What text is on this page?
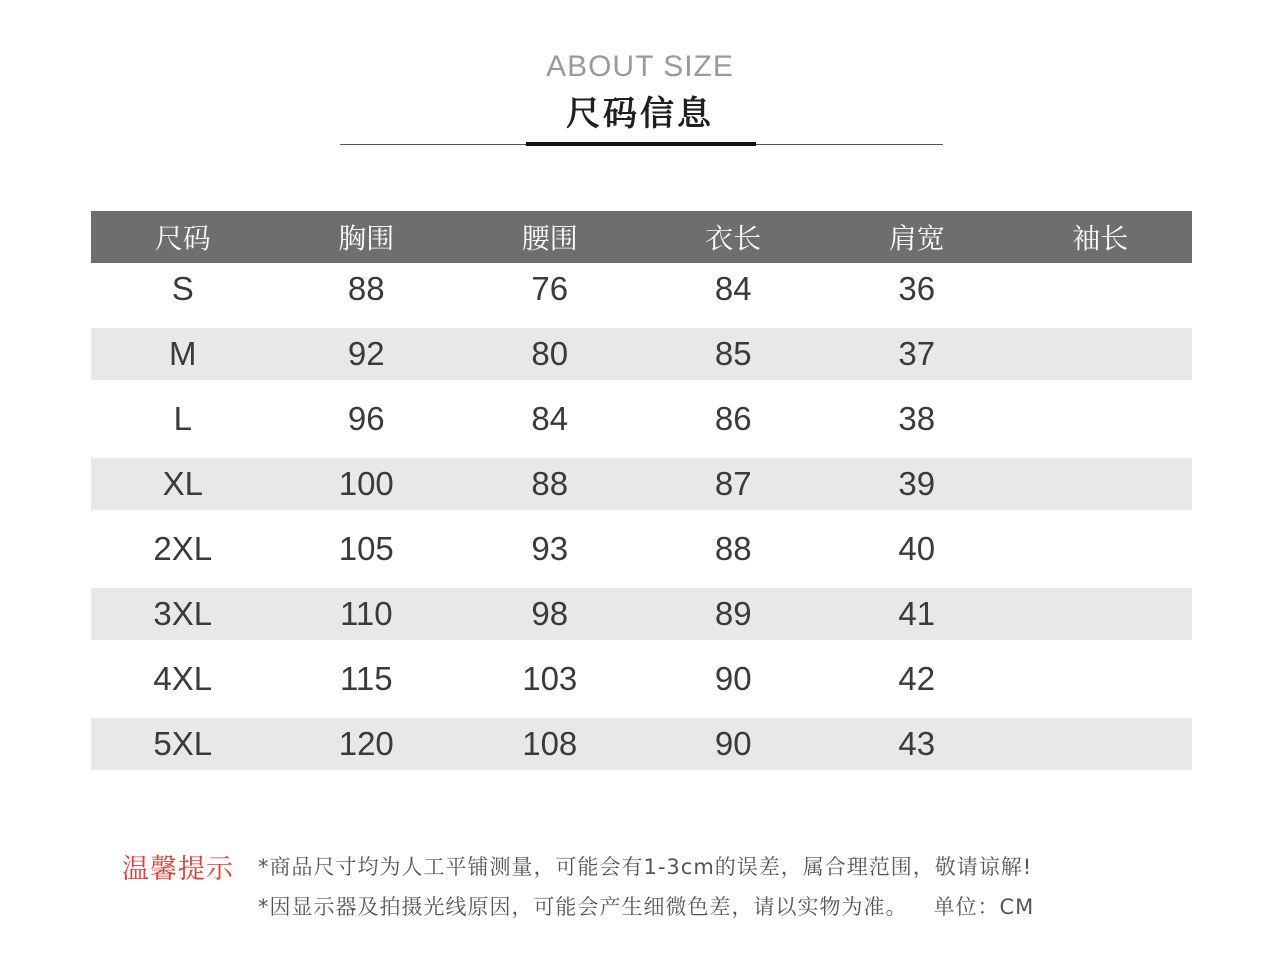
ABOUT SIZE
尺码信息
尺码	胸围	腰围	衣长	肩宽	袖长
S	88	76	84	36
M	92	80	85	37
L	96	84	86	38
XL	100	88	87	39
2XL	105	93	88	40
3XL	110	98	89	41
4XL	115	103	90	42
5XL	120	108	90	43
温馨提示 *商品尺寸均为人工平铺测量，可能会有1-3cm的误差，属合理范围，敬请谅解!
*因显示器及拍摄光线原因，可能会产生细微色差，请以实物为准。 单位：CM
